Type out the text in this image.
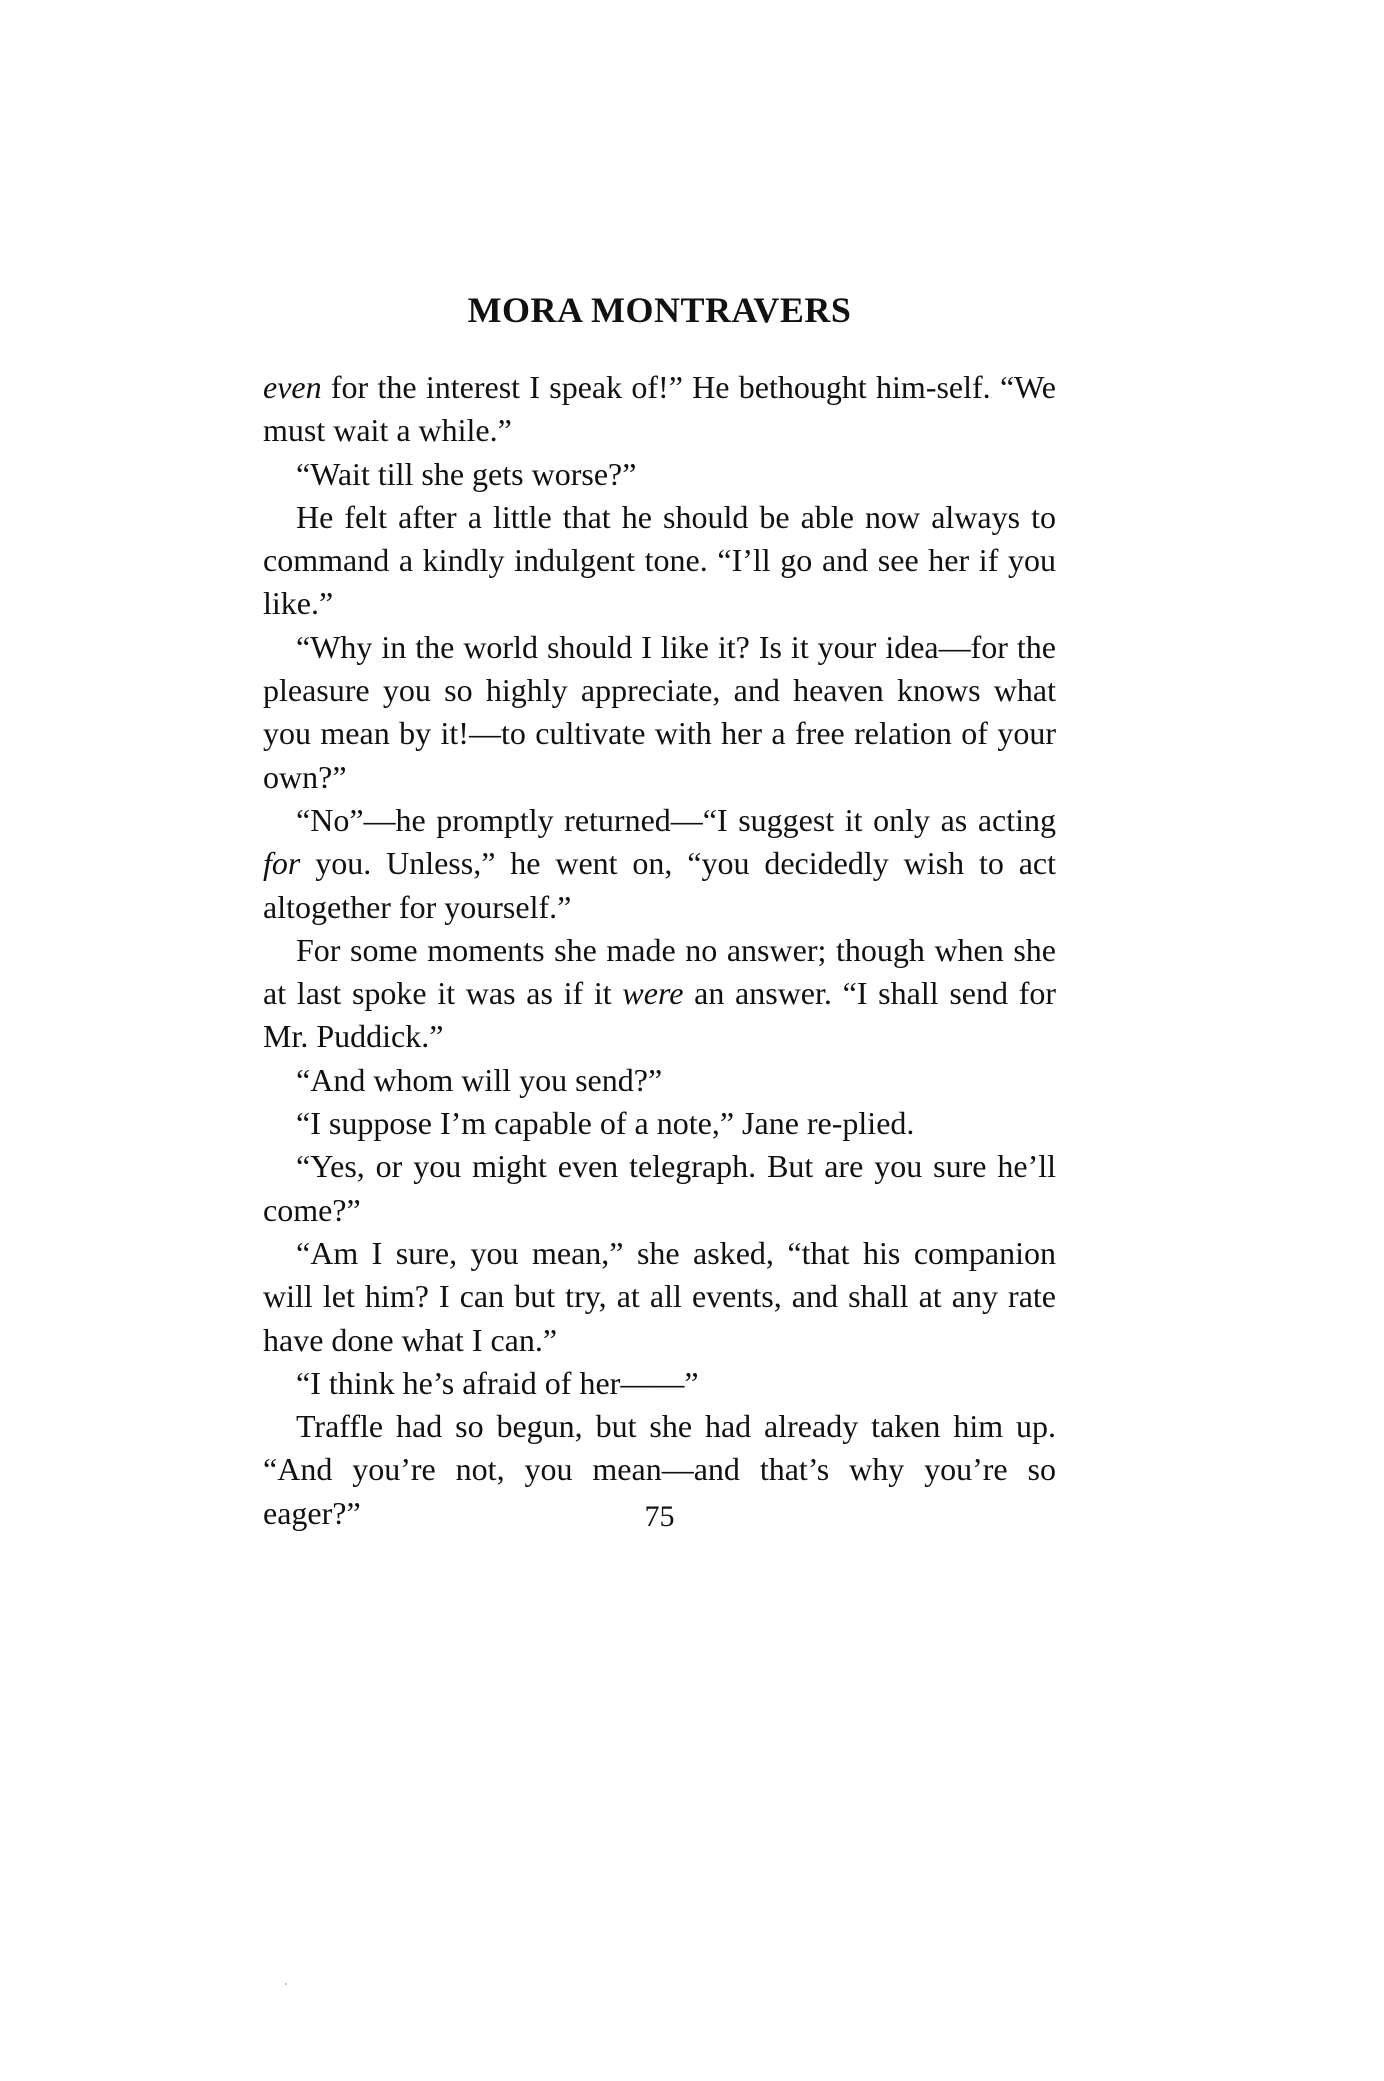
MORA MONTRAVERS

even for the interest I speak of!” He bethought him-self. “We must wait a while.”

“Wait till she gets worse?”

He felt after a little that he should be able now always to command a kindly indulgent tone. “I’ll go and see her if you like.”

“Why in the world should I like it? Is it your idea—for the pleasure you so highly appreciate, and heaven knows what you mean by it!—to cultivate with her a free relation of your own?”

“No”—he promptly returned—“I suggest it only as acting for you. Unless,” he went on, “you decidedly wish to act altogether for yourself.”

For some moments she made no answer; though when she at last spoke it was as if it were an answer. “I shall send for Mr. Puddick.”

“And whom will you send?”

“I suppose I’m capable of a note,” Jane re-plied.

“Yes, or you might even telegraph. But are you sure he’ll come?”

“Am I sure, you mean,” she asked, “that his companion will let him? I can but try, at all events, and shall at any rate have done what I can.”

“I think he’s afraid of her——”

Traffle had so begun, but she had already taken him up. “And you’re not, you mean—and that’s why you’re so eager?”	75
